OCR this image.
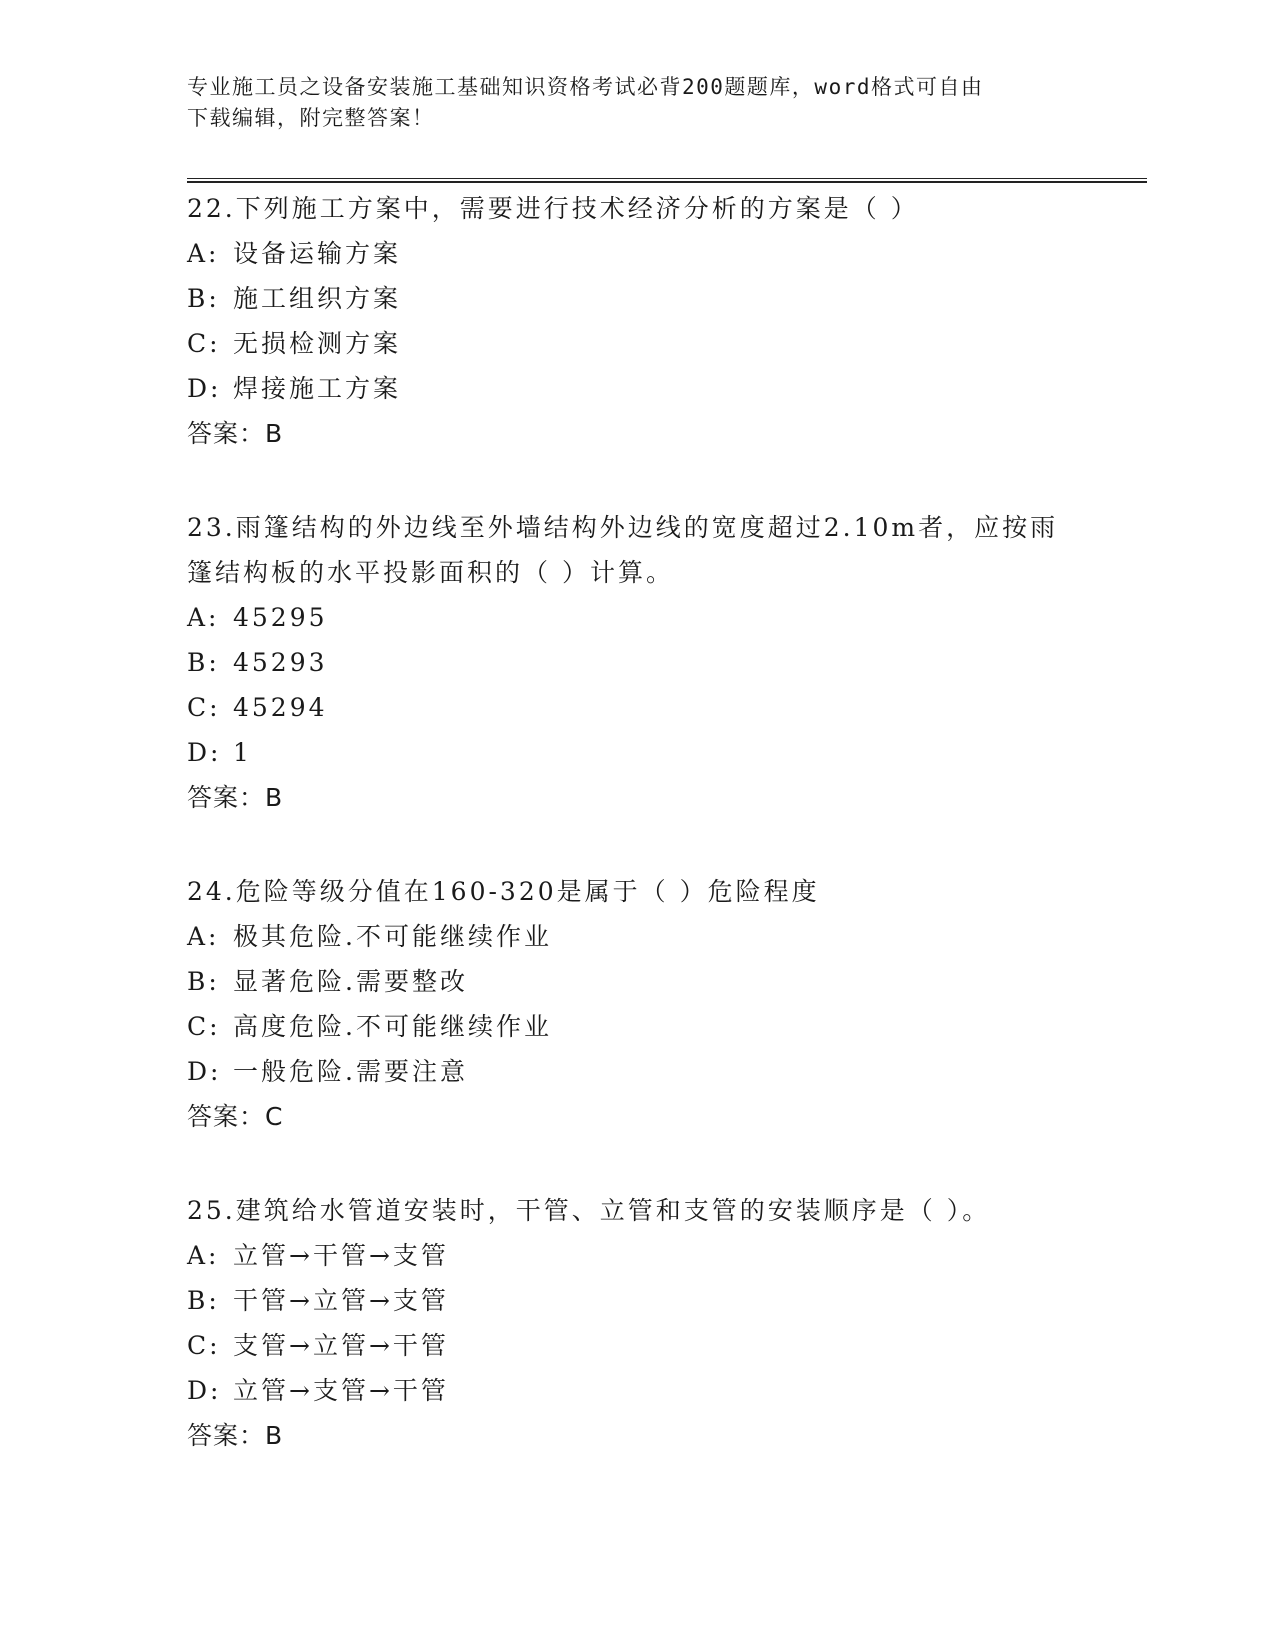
专业施工员之设备安装施工基础知识资格考试必背200题题库，word格式可自由
下载编辑，附完整答案！

22.下列施工方案中，需要进行技术经济分析的方案是（ ）

A: 设备运输方案

B: 施工组织方案

C: 无损检测方案

D: 焊接施工方案

答案：B

23.雨篷结构的外边线至外墙结构外边线的宽度超过2.10m者，应按雨

篷结构板的水平投影面积的（ ）计算。

A: 45295

B: 45293

C: 45294

D: 1

答案：B

24.危险等级分值在160-320是属于（ ）危险程度

A: 极其危险.不可能继续作业

B: 显著危险.需要整改

C: 高度危险.不可能继续作业

D: 一般危险.需要注意

答案：C

25.建筑给水管道安装时，干管、立管和支管的安装顺序是（ ）。

A: 立管→干管→支管

B: 干管→立管→支管

C: 支管→立管→干管

D: 立管→支管→干管

答案：B
